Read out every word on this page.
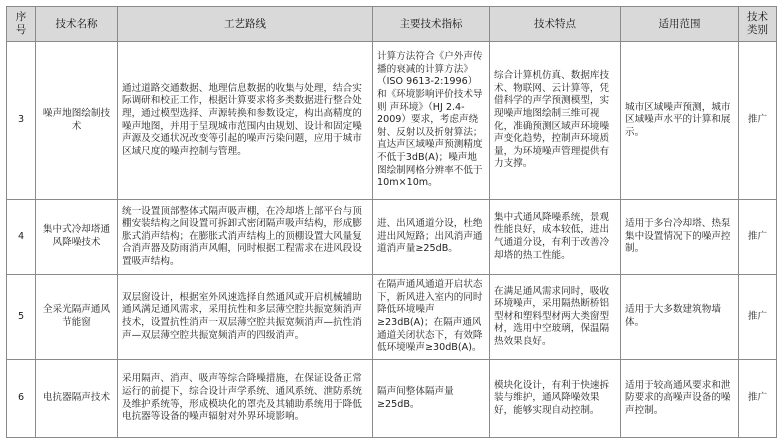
序号	技术名称	工艺路线	主要技术指标	技术特点	适用范围	技术类别
3	噪声地图绘制技术	通过道路交通数据、地理信息数据的收集与处理，结合实际调研和校正工作，根据计算要求将多类数据进行整合处理，通过模型选择、声源转换和参数设定，构出高精度的噪声地图，并用于呈现城市范围内由规划、设计和固定噪声源及交通状况改变等引起的噪声污染问题，应用于城市区域尺度的噪声控制与管理。	计算方法符合《户外声传播的衰减的计算方法》（ISO 9613-2:1996）和《环境影响评价技术导则 声环境》（HJ 2.4-2009）要求，考虑声绕射、反射以及折射算法；直达声区域噪声预测精度不低于3dB(A)；噪声地图绘制网格分辨率不低于10m×10m。	综合计算机仿真、数据库技术、物联网、云计算等，凭借科学的声学预测模型，实现噪声地图绘制三维可视化，准确预测区域声环境噪声变化趋势，控制声环境质量，为环境噪声管理提供有力支撑。	城市区域噪声预测，城市区域噪声水平的计算和展示。	推广
4	集中式冷却塔通风降噪技术	统一设置顶部整体式隔声吸声棚，在冷却塔上部平台与顶棚安装结构之间设置可拆卸式密闭隔声吸声结构，形成膨胀式消声结构；在膨胀式消声结构上的顶棚设置大风量复合消声器及防雨消声风帽，同时根据工程需求在进风段设置吸声结构。	进、出风通道分设，杜绝进出风短路；出风消声通道消声量≥25dB。	集中式通风降噪系统，景观性能良好，成本较低，进出气通道分设，有利于改善冷却塔的热工性能。	适用于多台冷却塔、热泵集中设置情况下的噪声控制。	推广
5	全采光隔声通风节能窗	双层窗设计，根据室外风速选择自然通风或开启机械辅助通风满足通风需求，采用抗性和多层薄空腔共振宽频消声技术，设置抗性消声一双层薄空腔共振宽频消声—抗性消声—双层薄空腔共振宽频消声的四级消声。	在隔声通风通道开启状态下，新风进入室内的同时降低环境噪声≥23dB(A)；在隔声通风通道关闭状态下，有效降低环境噪声≥30dB(A)。	在满足通风需求同时，吸收环境噪声，采用隔热断桥铝型材和塑料型材两大类窗型材，选用中空玻璃，保温隔热效果良好。	适用于大多数建筑物墙体。	推广
6	电抗器隔声技术	采用隔声、消声、吸声等综合降噪措施，在保证设备正常运行的前提下，综合设计声学系统、通风系统、泄防系统及维护系统等，形成模块化的罩壳及其辅助系统用于降低电抗器等设备的噪声辐射对外界环境影响。	隔声间整体隔声量≥25dB。	模块化设计，有利于快速拆装与维护，通风降噪效果好，能够实现自动控制。	适用于较高通风要求和泄防要求的高噪声设备的噪声控制。	推广
